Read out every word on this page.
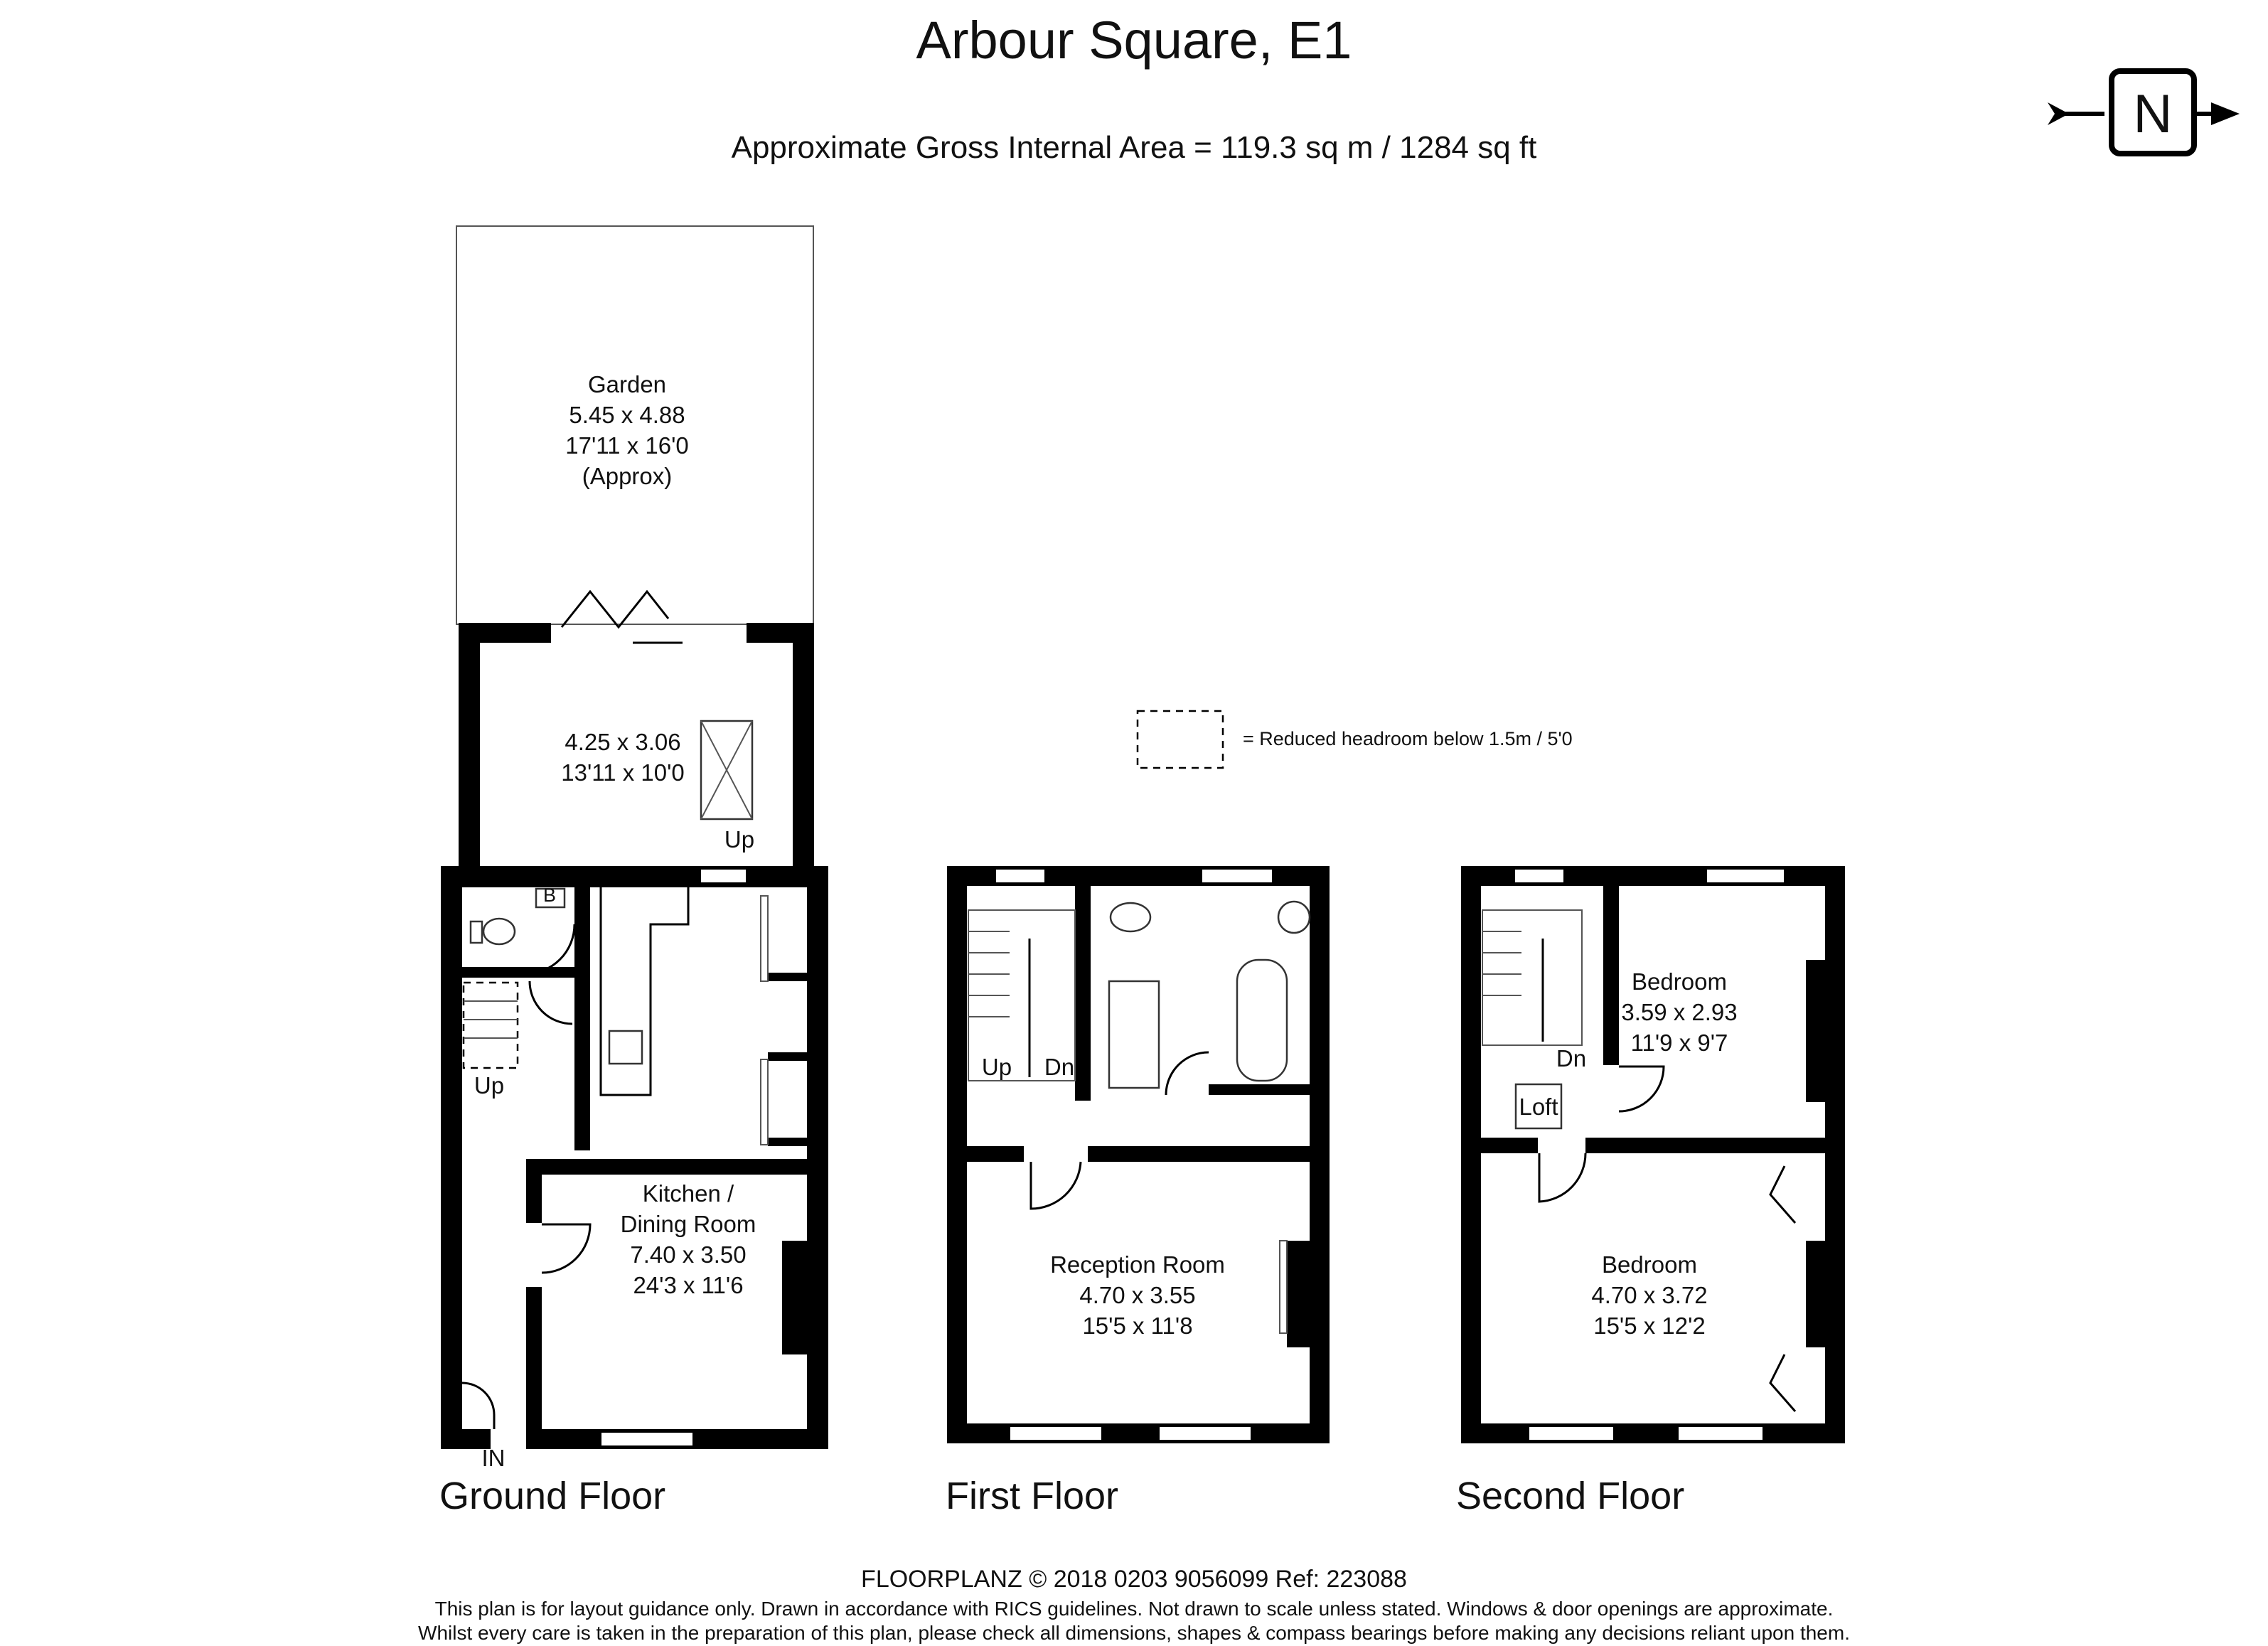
Arbour Square, E1
Approximate Gross Internal Area = 119.3 sq m / 1284 sq ft
N
= Reduced headroom below 1.5m / 5'0
Garden
5.45 x 4.88
17'11 x 16'0
(Approx)
4.25 x 3.06
13'11 x 10'0
Up
B
Up
Kitchen /
Dining Room
7.40 x 3.50
24'3 x 11'6
IN
Ground Floor
Up Dn
Reception Room
4.70 x 3.55
15'5 x 11'8
First Floor
Bedroom
3.59 x 2.93
11'9 x 9'7
Dn
Loft
Bedroom
4.70 x 3.72
15'5 x 12'2
Second Floor
FLOORPLANZ © 2018 0203 9056099 Ref: 223088
This plan is for layout guidance only. Drawn in accordance with RICS guidelines. Not drawn to scale unless stated. Windows & door openings are approximate.
Whilst every care is taken in the preparation of this plan, please check all dimensions, shapes & compass bearings before making any decisions reliant upon them.
